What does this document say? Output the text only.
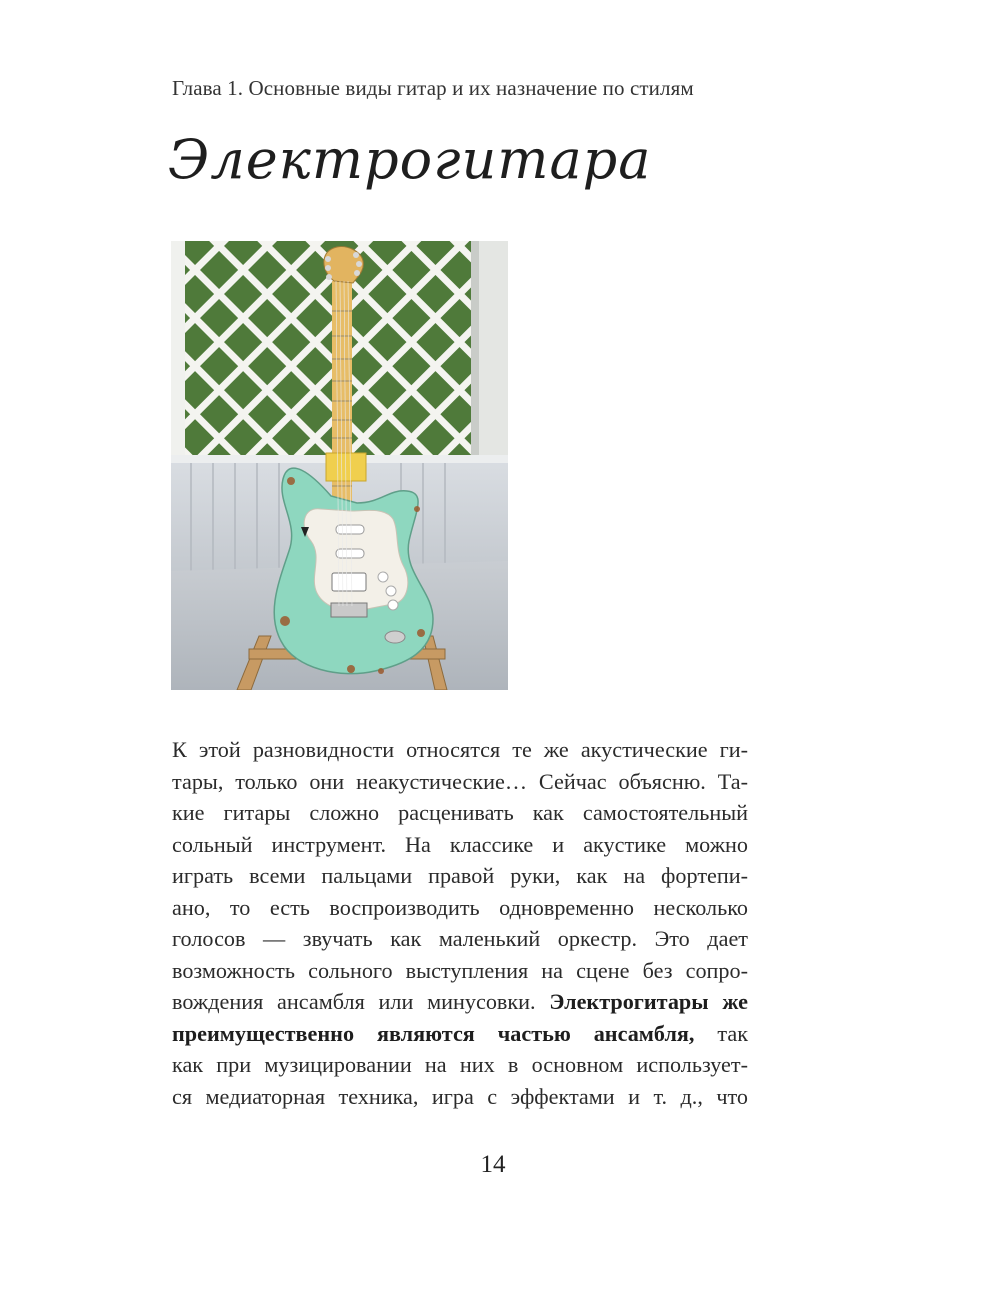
Глава 1. Основные виды гитар и их назначение по стилям
Электрогитара
К этой разновидности относятся те же акустические ги-
тары, только они неакустические… Сейчас объясню. Та-
кие гитары сложно расценивать как самостоятельный
сольный инструмент. На классике и акустике можно
играть всеми пальцами правой руки, как на фортепи-
ано, то есть воспроизводить одновременно несколько
голосов — звучать как маленький оркестр. Это дает
возможность сольного выступления на сцене без сопро-
вождения ансамбля или минусовки. Электрогитары же
преимущественно являются частью ансамбля, так
как при музицировании на них в основном использует-
ся медиаторная техника, игра с эффектами и т. д., что
14
